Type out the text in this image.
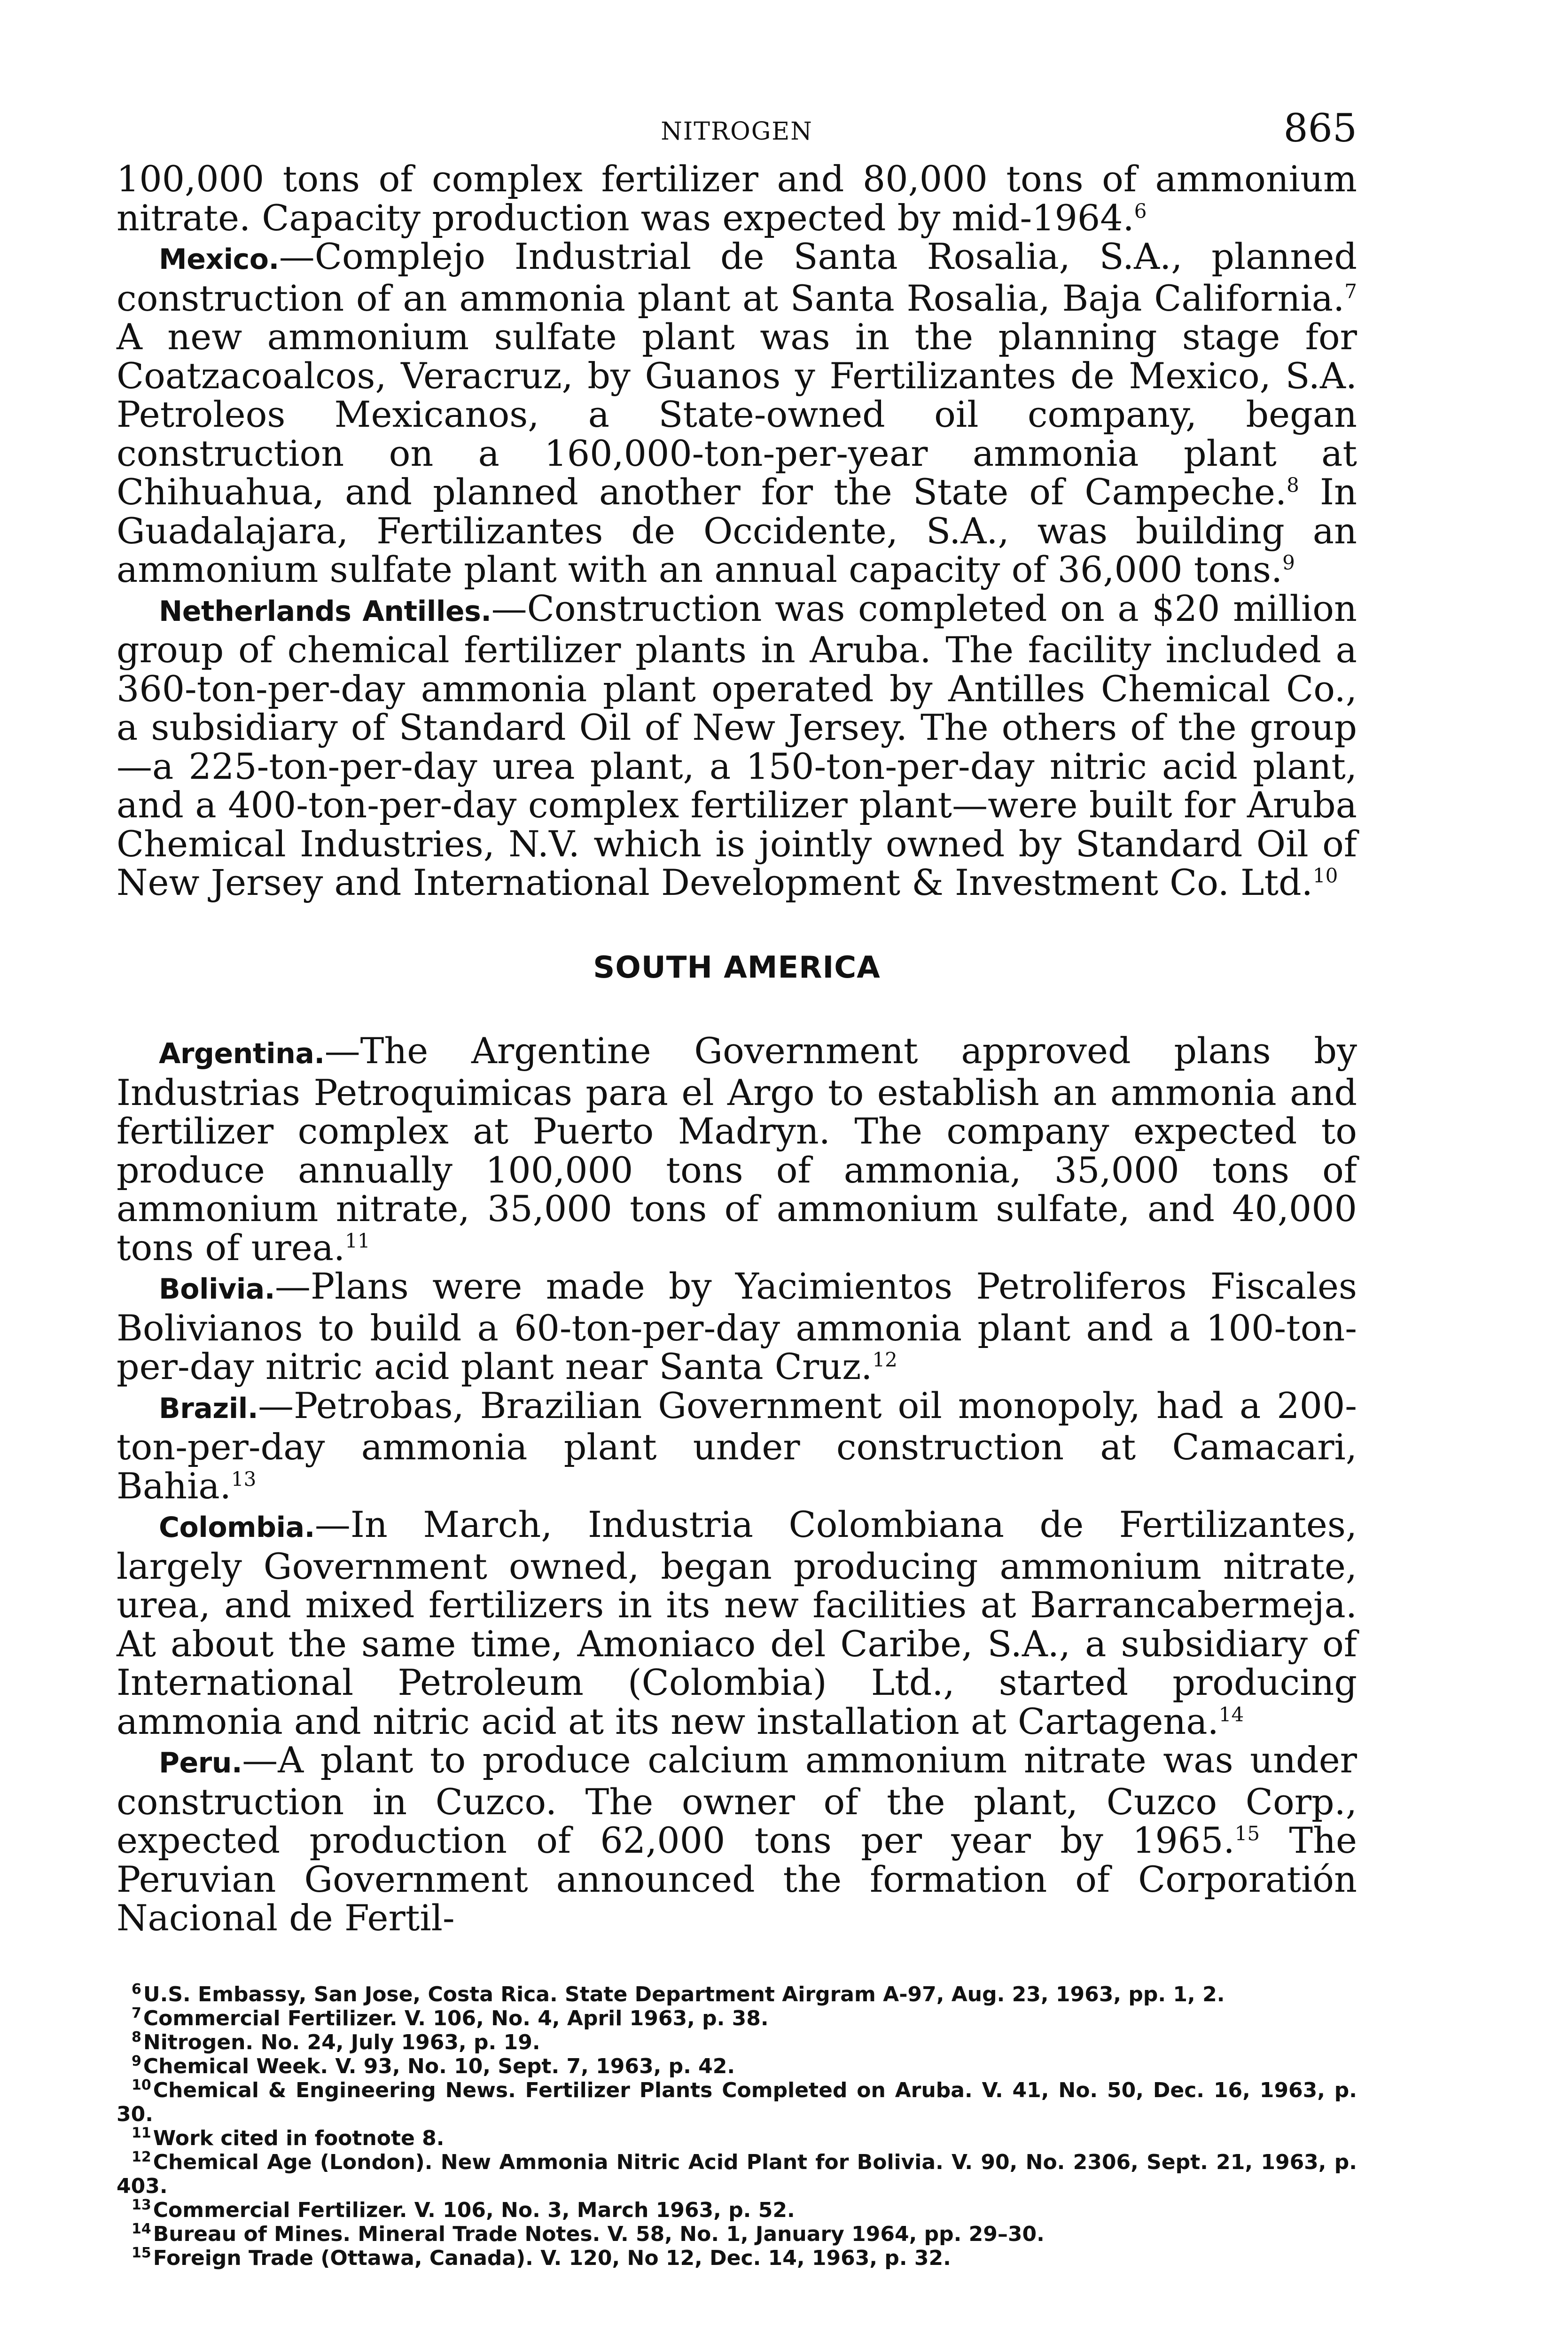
NITROGEN	865

100,000 tons of complex fertilizer and 80,000 tons of ammonium nitrate. Capacity production was expected by mid-1964.$^6$

Mexico.—Complejo Industrial de Santa Rosalia, S.A., planned construction of an ammonia plant at Santa Rosalia, Baja California.$^7$ A new ammonium sulfate plant was in the planning stage for Coatzacoalcos, Veracruz, by Guanos y Fertilizantes de Mexico, S.A. Petroleos Mexicanos, a State-owned oil company, began construction on a 160,000-ton-per-year ammonia plant at Chihuahua, and planned another for the State of Campeche.$^8$ In Guadalajara, Fertilizantes de Occidente, S.A., was building an ammonium sulfate plant with an annual capacity of 36,000 tons.$^9$

Netherlands Antilles.—Construction was completed on a $20 million group of chemical fertilizer plants in Aruba. The facility included a 360-ton-per-day ammonia plant operated by Antilles Chemical Co., a subsidiary of Standard Oil of New Jersey. The others of the group—a 225-ton-per-day urea plant, a 150-ton-per-day nitric acid plant, and a 400-ton-per-day complex fertilizer plant—were built for Aruba Chemical Industries, N.V. which is jointly owned by Standard Oil of New Jersey and International Development & Investment Co. Ltd.$^{10}$

SOUTH AMERICA

Argentina.—The Argentine Government approved plans by Industrias Petroquimicas para el Argo to establish an ammonia and fertilizer complex at Puerto Madryn. The company expected to produce annually 100,000 tons of ammonia, 35,000 tons of ammonium nitrate, 35,000 tons of ammonium sulfate, and 40,000 tons of urea.$^{11}$

Bolivia.—Plans were made by Yacimientos Petroliferos Fiscales Bolivianos to build a 60-ton-per-day ammonia plant and a 100-ton-per-day nitric acid plant near Santa Cruz.$^{12}$

Brazil.—Petrobas, Brazilian Government oil monopoly, had a 200-ton-per-day ammonia plant under construction at Camacari, Bahia.$^{13}$

Colombia.—In March, Industria Colombiana de Fertilizantes, largely Government owned, began producing ammonium nitrate, urea, and mixed fertilizers in its new facilities at Barrancabermeja. At about the same time, Amoniaco del Caribe, S.A., a subsidiary of International Petroleum (Colombia) Ltd., started producing ammonia and nitric acid at its new installation at Cartagena.$^{14}$

Peru.—A plant to produce calcium ammonium nitrate was under construction in Cuzco. The owner of the plant, Cuzco Corp., expected production of 62,000 tons per year by 1965.15 The Peruvian Government announced the formation of Corporatión Nacional de Fertil-

$^6$U.S. Embassy, San Jose, Costa Rica. State Department Airgram A-97, Aug. 23, 1963, pp. 1, 2.
$^7$Commercial Fertilizer. V. 106, No. 4, April 1963, p. 38.
$^8$Nitrogen. No. 24, July 1963, p. 19.
$^9$Chemical Week. V. 93, No. 10, Sept. 7, 1963, p. 42.
$^{10}$Chemical & Engineering News. Fertilizer Plants Completed on Aruba. V. 41, No. 50, Dec. 16, 1963, p. 30.
$^{11}$Work cited in footnote 8.
$^{12}$Chemical Age (London). New Ammonia Nitric Acid Plant for Bolivia. V. 90, No. 2306, Sept. 21, 1963, p. 403.
$^{13}$Commercial Fertilizer. V. 106, No. 3, March 1963, p. 52.
$^{14}$Bureau of Mines. Mineral Trade Notes. V. 58, No. 1, January 1964, pp. 29–30.
$^{15}$Foreign Trade (Ottawa, Canada). V. 120, No 12, Dec. 14, 1963, p. 32.
